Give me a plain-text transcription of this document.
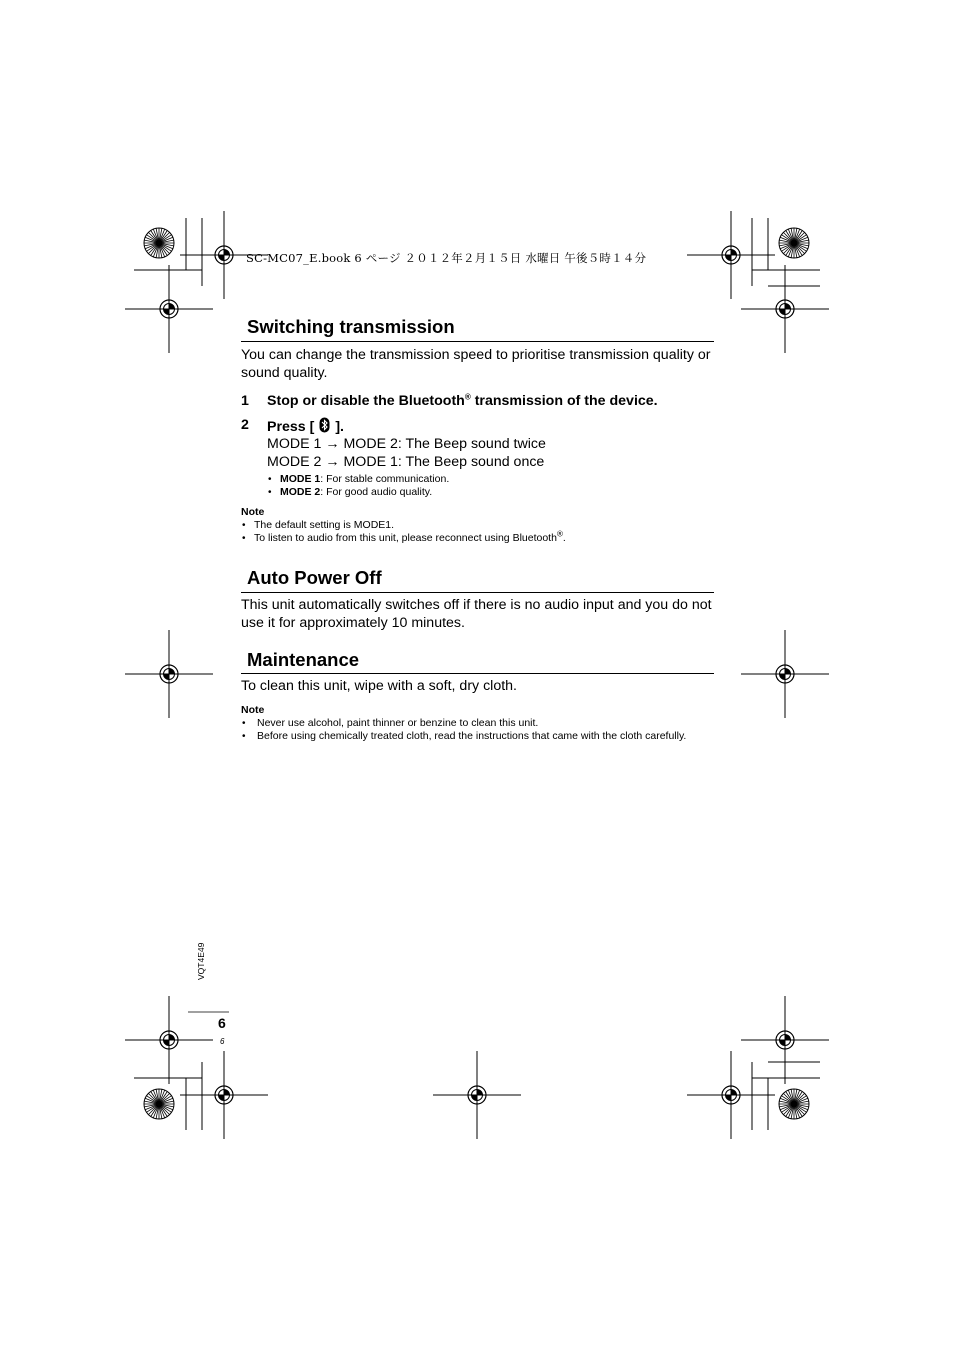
SC-MC07_E.book 6 ページ ２０１２年２月１５日 水曜日 午後５時１４分
Switching transmission
You can change the transmission speed to prioritise transmission quality or sound quality.
1 Stop or disable the Bluetooth® transmission of the device.
2 Press [ ].
MODE 1 → MODE 2: The Beep sound twice
MODE 2 → MODE 1: The Beep sound once
• MODE 1: For stable communication.
• MODE 2: For good audio quality.
Note
• The default setting is MODE1.
• To listen to audio from this unit, please reconnect using Bluetooth®.
Auto Power Off
This unit automatically switches off if there is no audio input and you do not use it for approximately 10 minutes.
Maintenance
To clean this unit, wipe with a soft, dry cloth.
Note
• Never use alcohol, paint thinner or benzine to clean this unit.
• Before using chemically treated cloth, read the instructions that came with the cloth carefully.
VQT4E49
6
6
